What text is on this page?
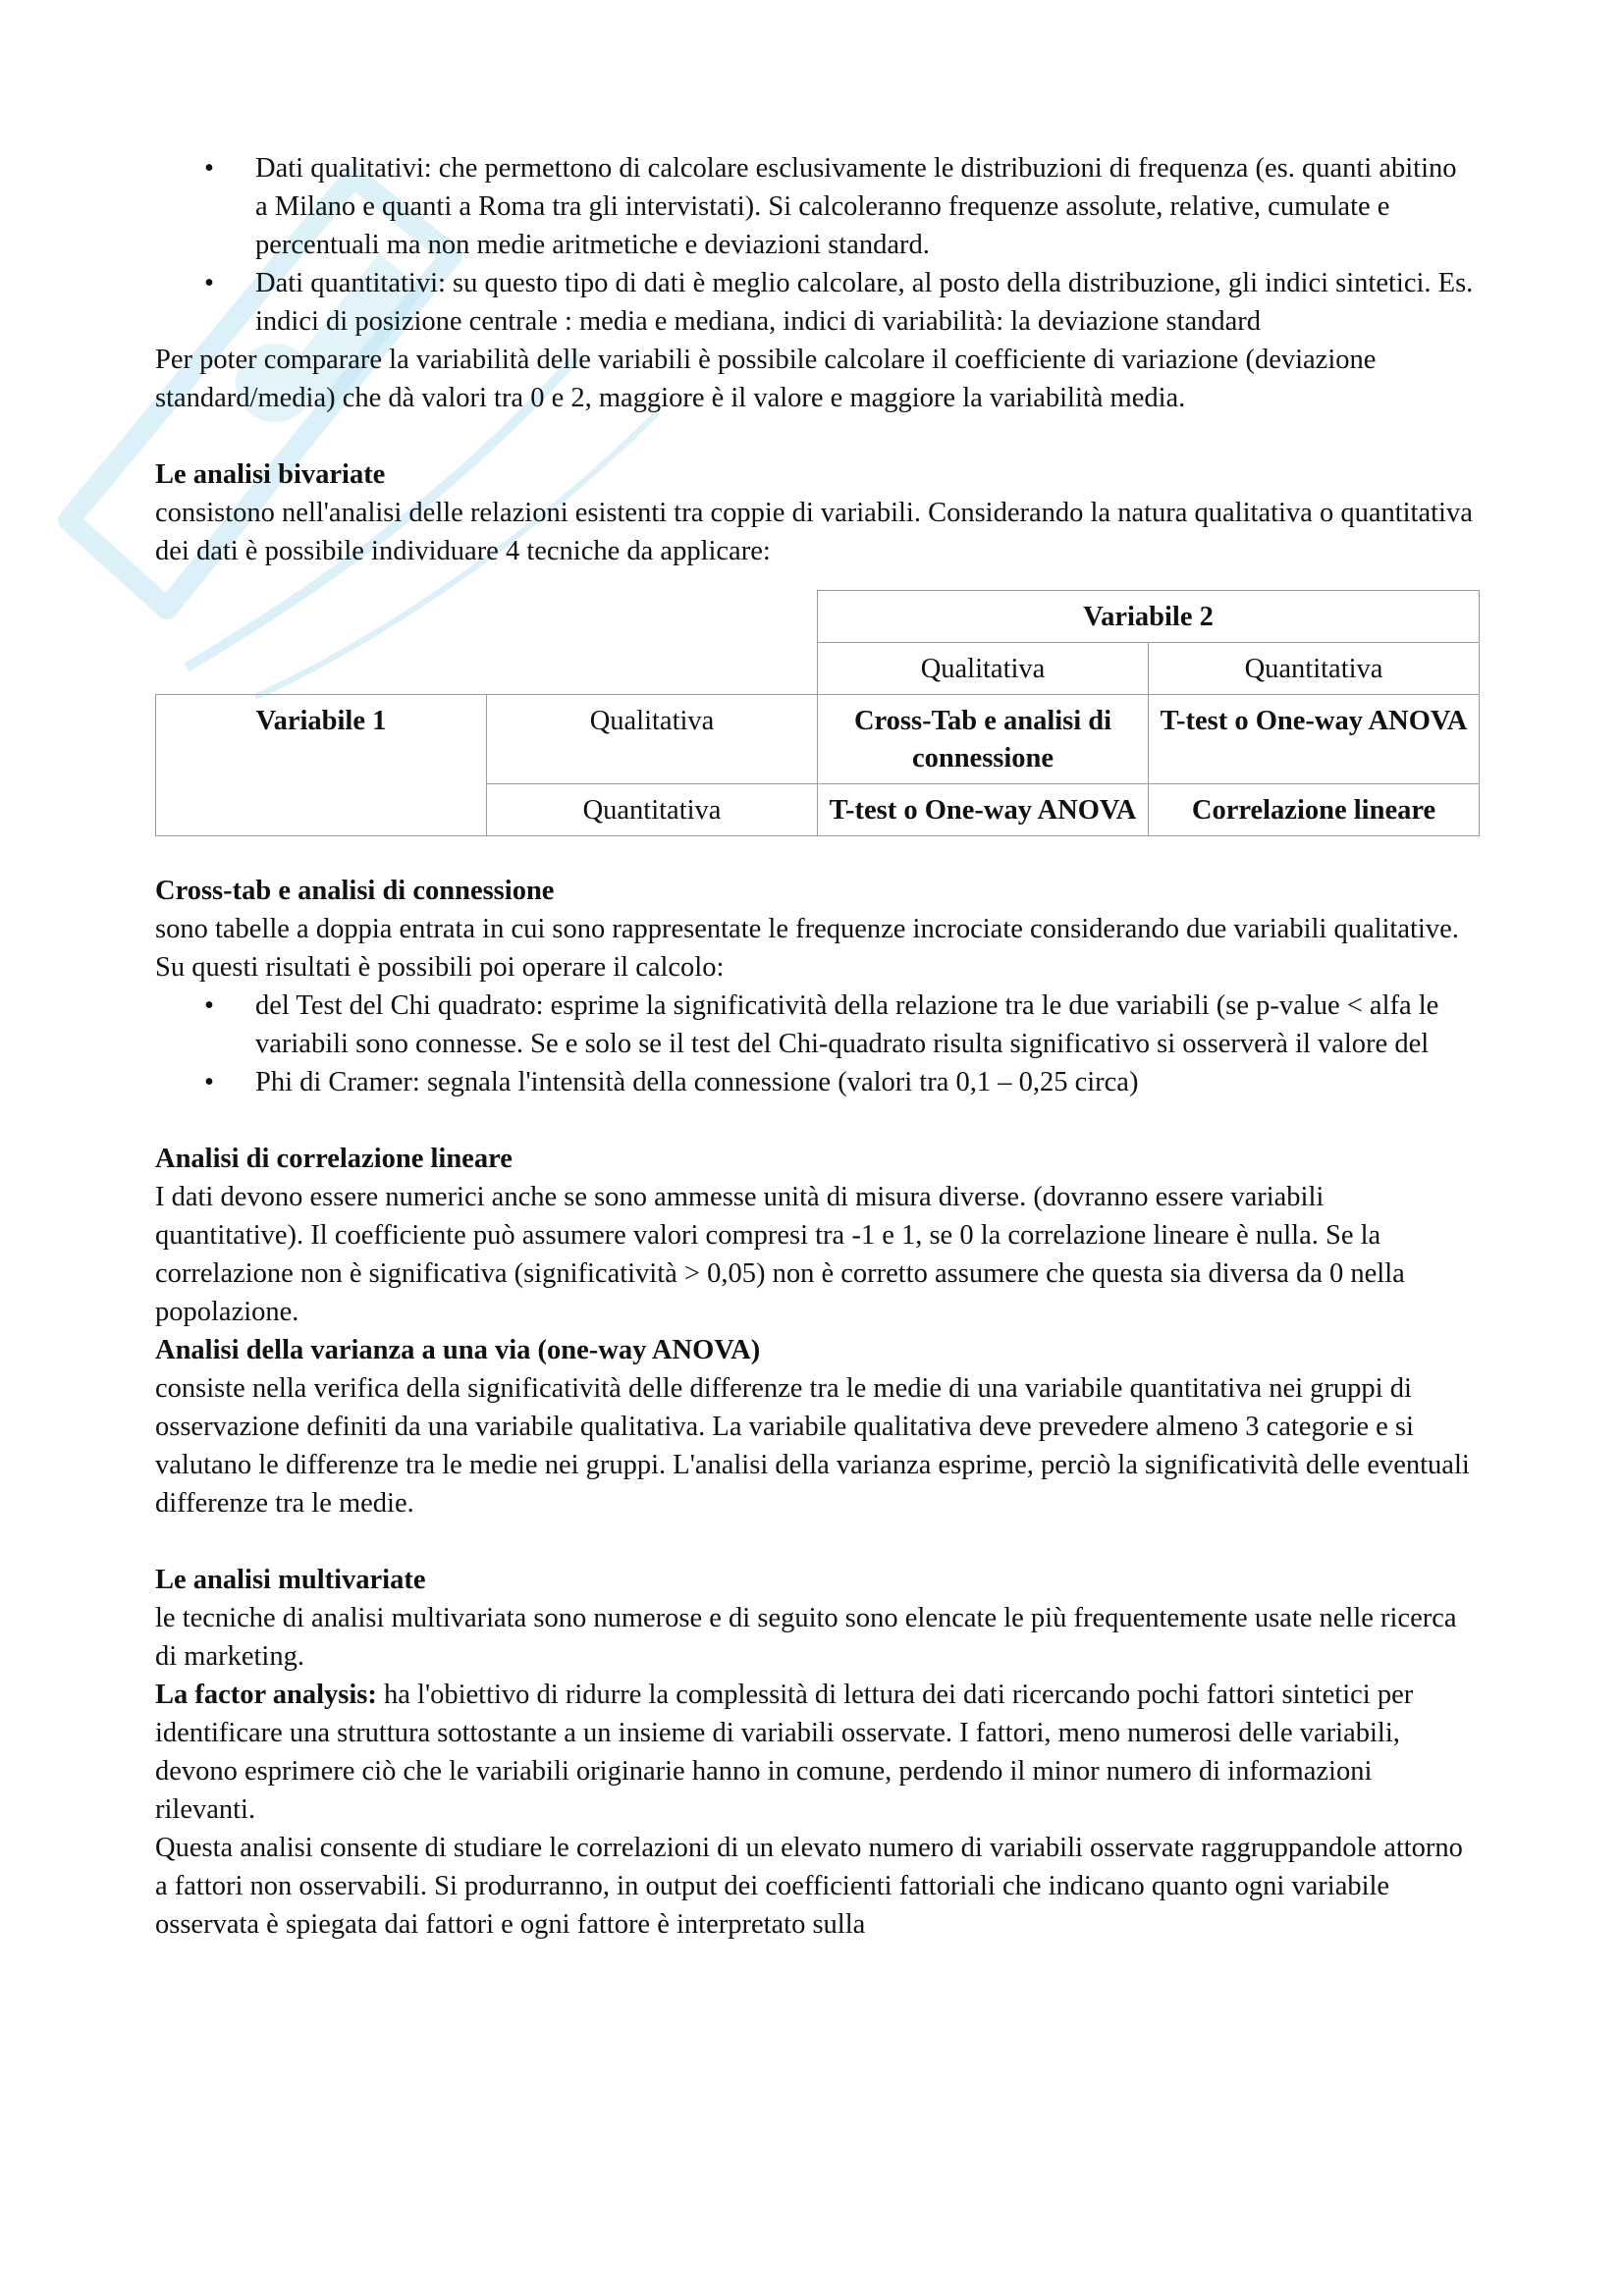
• Dati qualitativi: che permettono di calcolare esclusivamente le distribuzioni di frequenza (es. quanti abitino a Milano e quanti a Roma tra gli intervistati). Si calcoleranno frequenze assolute, relative, cumulate e percentuali ma non medie aritmetiche e deviazioni standard.
• Dati quantitativi: su questo tipo di dati è meglio calcolare, al posto della distribuzione, gli indici sintetici. Es. indici di posizione centrale : media e mediana, indici di variabilità: la deviazione standard

Per poter comparare la variabilità delle variabili è possibile calcolare il coefficiente di variazione (deviazione standard/media) che dà valori tra 0 e 2, maggiore è il valore e maggiore la variabilità media.

Le analisi bivariate

consistono nell'analisi delle relazioni esistenti tra coppie di variabili. Considerando la natura qualitativa o quantitativa dei dati è possibile individuare 4 tecniche da applicare:

		Variabile 2	
		Qualitativa	Quantitativa
Variabile 1	Qualitativa	Cross-Tab e analisi di connessione	T-test o One-way ANOVA
	Quantitativa	T-test o One-way ANOVA	Correlazione lineare

Cross-tab e analisi di connessione

sono tabelle a doppia entrata in cui sono rappresentate le frequenze incrociate considerando due variabili qualitative. Su questi risultati è possibili poi operare il calcolo:

• del Test del Chi quadrato: esprime la significatività della relazione tra le due variabili (se p-value < alfa le variabili sono connesse. Se e solo se il test del Chi-quadrato risulta significativo si osserverà il valore del
• Phi di Cramer: segnala l'intensità della connessione (valori tra 0,1 – 0,25 circa)

Analisi di correlazione lineare

I dati devono essere numerici anche se sono ammesse unità di misura diverse. (dovranno essere variabili quantitative). Il coefficiente può assumere valori compresi tra -1 e 1, se 0 la correlazione lineare è nulla. Se la correlazione non è significativa (significatività > 0,05) non è corretto assumere che questa sia diversa da 0 nella popolazione.

Analisi della varianza a una via (one-way ANOVA)

consiste nella verifica della significatività delle differenze tra le medie di una variabile quantitativa nei gruppi di osservazione definiti da una variabile qualitativa. La variabile qualitativa deve prevedere almeno 3 categorie e si valutano le differenze tra le medie nei gruppi. L'analisi della varianza esprime, perciò la significatività delle eventuali differenze tra le medie.

Le analisi multivariate

le tecniche di analisi multivariata sono numerose e di seguito sono elencate le più frequentemente usate nelle ricerca di marketing.

La factor analysis: ha l'obiettivo di ridurre la complessità di lettura dei dati ricercando pochi fattori sintetici per identificare una struttura sottostante a un insieme di variabili osservate. I fattori, meno numerosi delle variabili, devono esprimere ciò che le variabili originarie hanno in comune, perdendo il minor numero di informazioni rilevanti.

Questa analisi consente di studiare le correlazioni di un elevato numero di variabili osservate raggruppandole attorno a fattori non osservabili. Si produrranno, in output dei coefficienti fattoriali che indicano quanto ogni variabile osservata è spiegata dai fattori e ogni fattore è interpretato sulla
